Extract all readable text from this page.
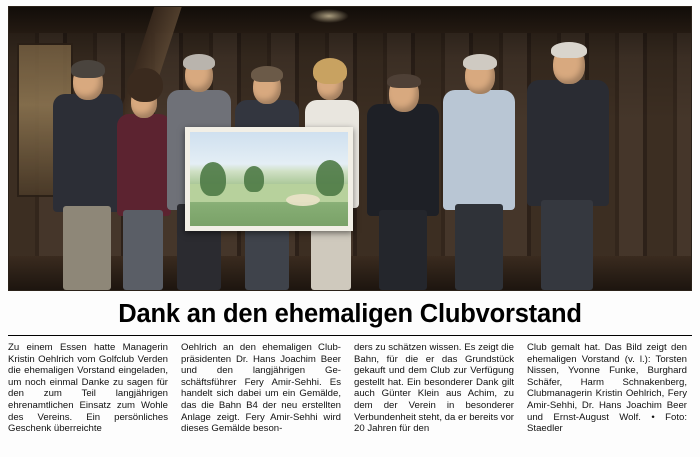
Dank an den ehemaligen Clubvorstand

Zu einem Essen hatte Managerin Kristin Oehlrich vom Golfclub Verden die ehemaligen Vorstand eingeladen, um noch einmal Danke zu sagen für den zum Teil langjährigen ehrenamtlichen Einsatz zum Wohle des Vereins. Ein persönliches Geschenk überreichte

Oehlrich an den ehemaligen Clubpräsidenten Dr. Hans Joachim Beer und den langjährigen Geschäftsführer Fery Amir-Sehhi. Es handelt sich dabei um ein Gemälde, das die Bahn B4 der neu erstellten Anlage zeigt. Fery Amir-Sehhi wird dieses Gemälde beson-

ders zu schätzen wissen. Es zeigt die Bahn, für die er das Grundstück gekauft und dem Club zur Verfügung gestellt hat. Ein besonderer Dank gilt auch Günter Klein aus Achim, zu dem der Verein in besonderer Verbundenheit steht, da er bereits vor 20 Jahren für den

Club gemalt hat. Das Bild zeigt den ehemaligen Vorstand (v. l.): Torsten Nissen, Yvonne Funke, Burghard Schäfer, Harm Schnakenberg, Clubmanagerin Kristin Oehlrich, Fery Amir-Sehhi, Dr. Hans Joachim Beer und Ernst-August Wolf. • Foto: Staedler
